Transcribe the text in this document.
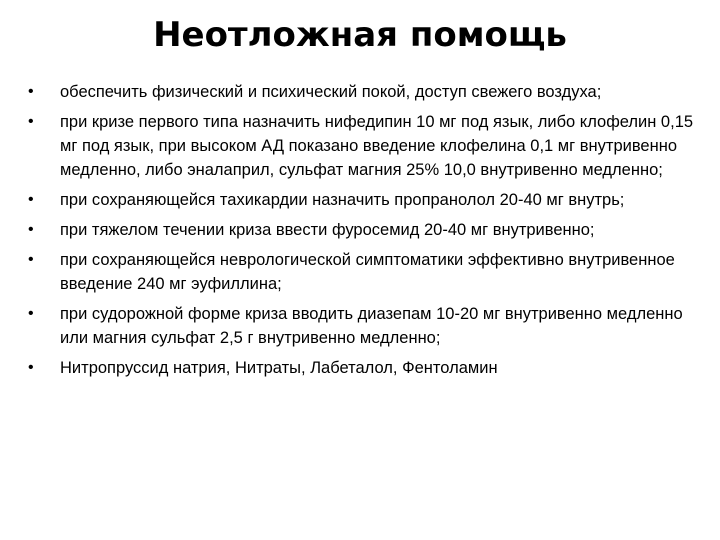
Неотложная помощь
• обеспечить физический и психический покой, доступ свежего воздуха;
• при кризе первого типа назначить нифедипин 10 мг под язык, либо клофелин 0,15 мг под язык, при высоком АД показано введение клофелина 0,1 мг внутривенно медленно, либо эналаприл, сульфат магния 25% 10,0 внутривенно медленно;
• при сохраняющейся тахикардии назначить пропранолол 20-40 мг внутрь;
• при тяжелом течении криза ввести фуросемид 20-40 мг внутривенно;
• при сохраняющейся неврологической симптоматики эффективно внутривенное введение 240 мг эуфиллина;
• при судорожной форме криза вводить диазепам 10-20 мг внутривенно медленно или магния сульфат 2,5 г внутривенно медленно;
• Нитропруссид натрия, Нитраты, Лабеталол, Фентоламин
